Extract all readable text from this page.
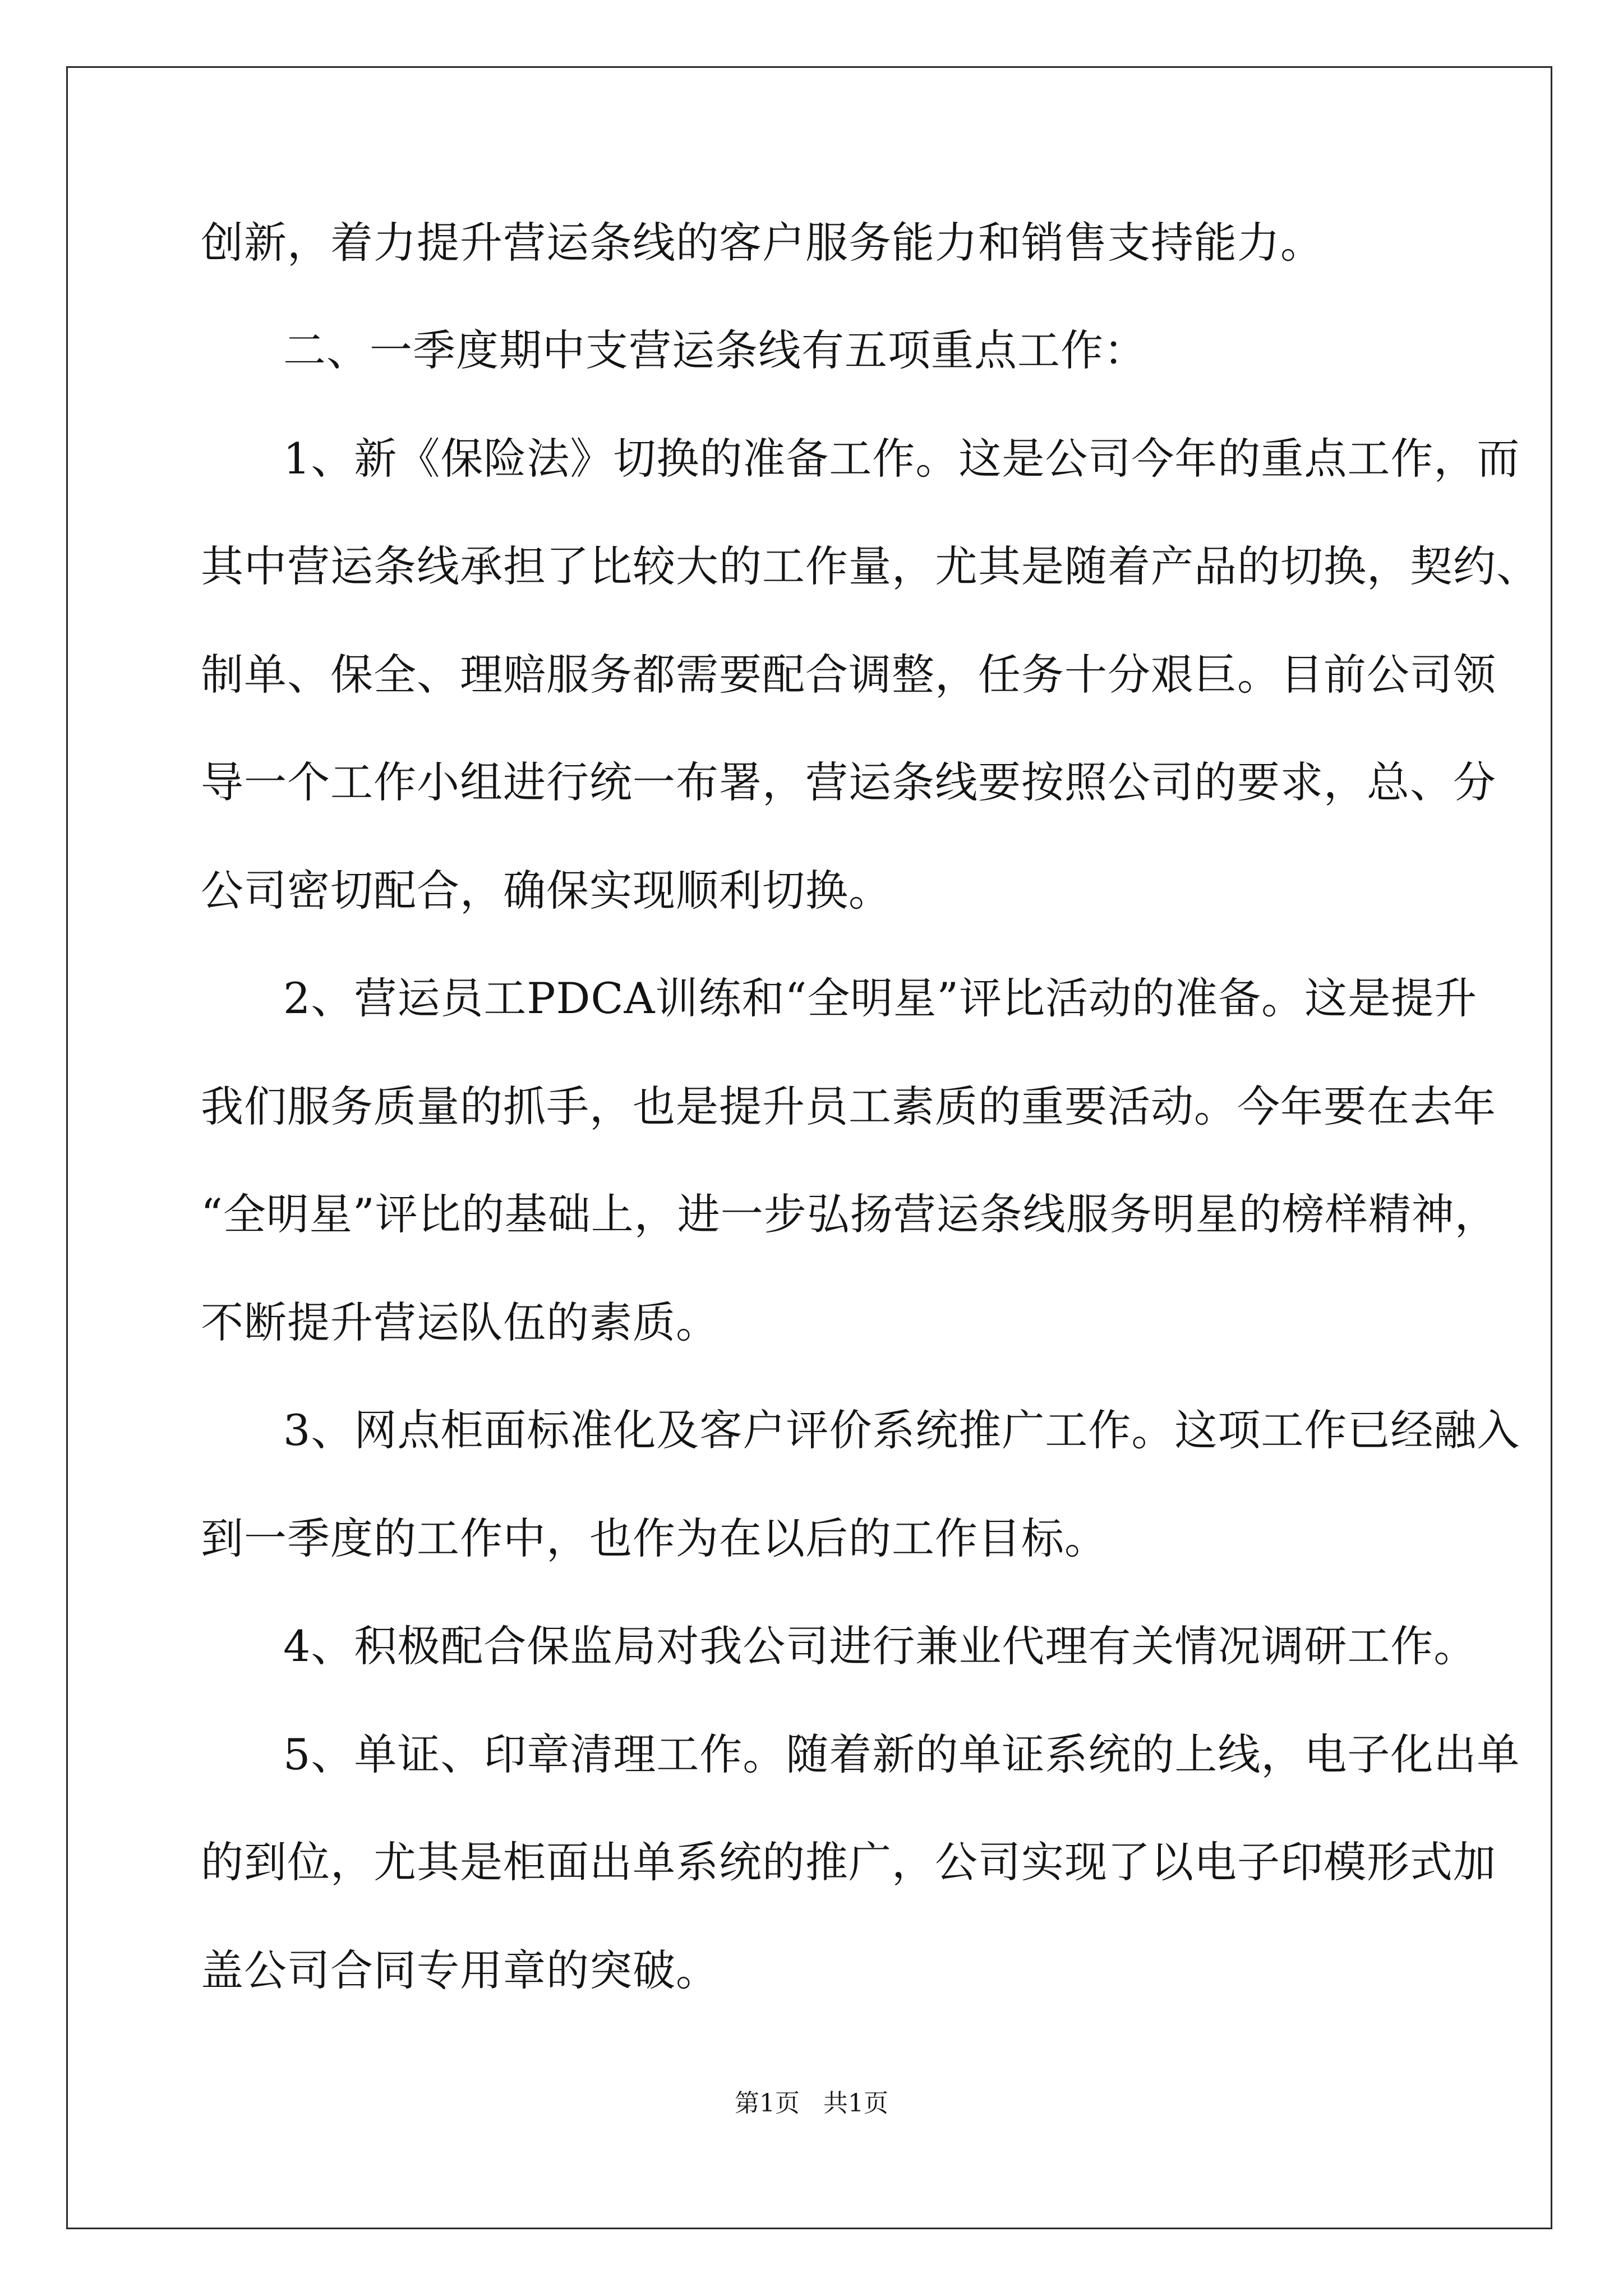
创新，着力提升营运条线的客户服务能力和销售支持能力。
二、一季度期中支营运条线有五项重点工作：
1、新《保险法》切换的准备工作。这是公司今年的重点工作，而
其中营运条线承担了比较大的工作量，尤其是随着产品的切换，契约、
制单、保全、理赔服务都需要配合调整，任务十分艰巨。目前公司领
导一个工作小组进行统一布署，营运条线要按照公司的要求，总、分
公司密切配合，确保实现顺利切换。
2、营运员工PDCA训练和“全明星”评比活动的准备。这是提升
我们服务质量的抓手，也是提升员工素质的重要活动。今年要在去年
“全明星”评比的基础上，进一步弘扬营运条线服务明星的榜样精神，
不断提升营运队伍的素质。
3、网点柜面标准化及客户评价系统推广工作。这项工作已经融入
到一季度的工作中，也作为在以后的工作目标。
4、积极配合保监局对我公司进行兼业代理有关情况调研工作。
5、单证、印章清理工作。随着新的单证系统的上线，电子化出单
的到位，尤其是柜面出单系统的推广，公司实现了以电子印模形式加
盖公司合同专用章的突破。
第1页   共1页
